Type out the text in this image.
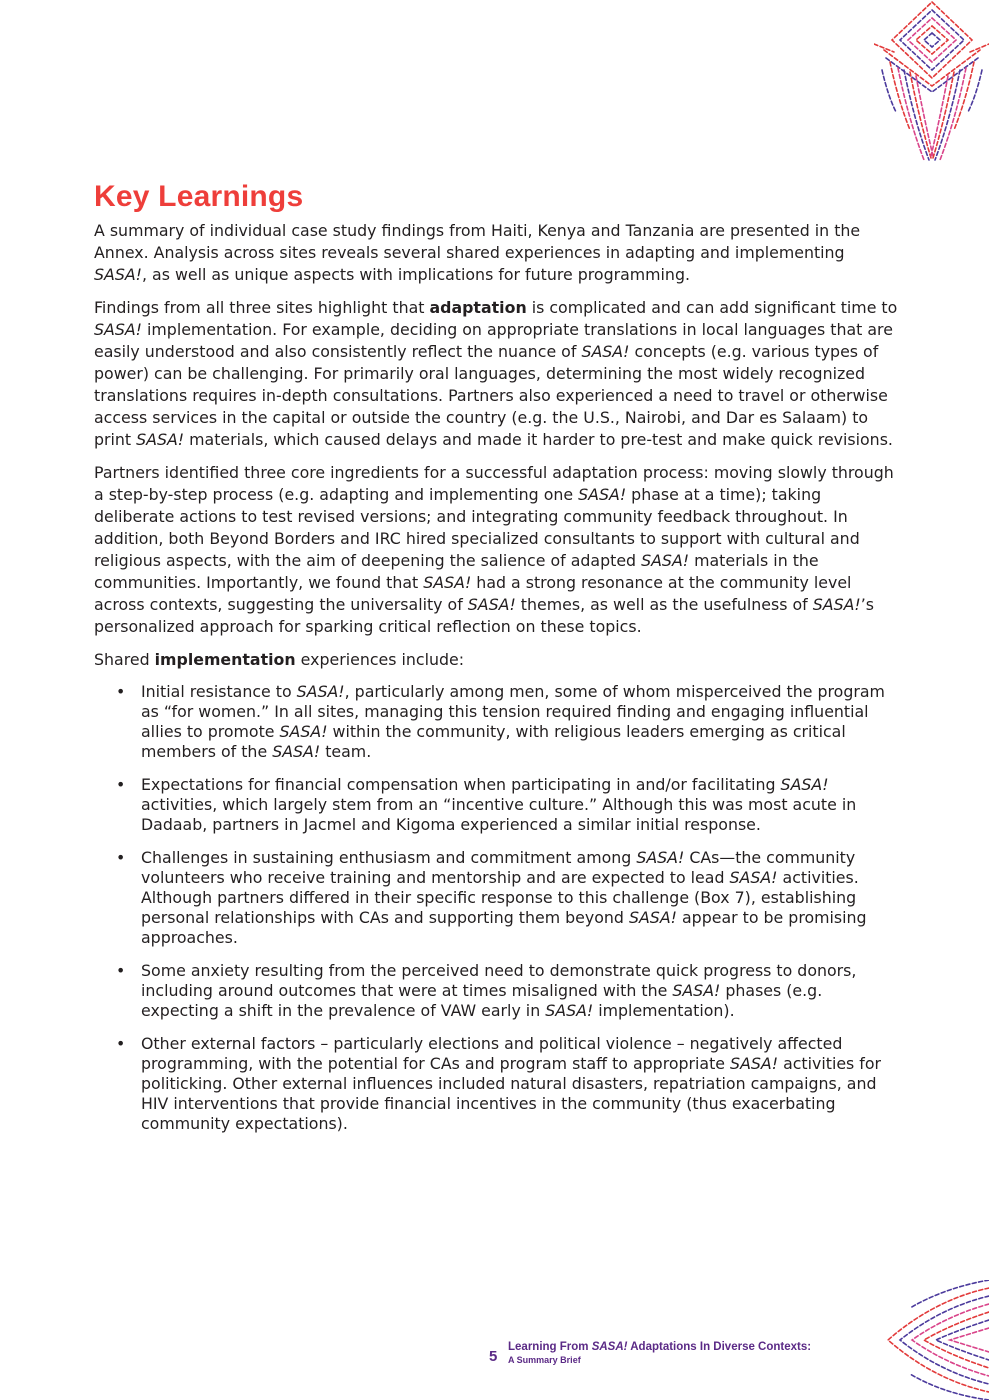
Key Learnings

A summary of individual case study findings from Haiti, Kenya and Tanzania are presented in the Annex. Analysis across sites reveals several shared experiences in adapting and implementing SASA!, as well as unique aspects with implications for future programming.

Findings from all three sites highlight that adaptation is complicated and can add significant time to SASA! implementation. For example, deciding on appropriate translations in local languages that are easily understood and also consistently reflect the nuance of SASA! concepts (e.g. various types of power) can be challenging. For primarily oral languages, determining the most widely recognized translations requires in-depth consultations. Partners also experienced a need to travel or otherwise access services in the capital or outside the country (e.g. the U.S., Nairobi, and Dar es Salaam) to print SASA! materials, which caused delays and made it harder to pre-test and make quick revisions.

Partners identified three core ingredients for a successful adaptation process: moving slowly through a step-by-step process (e.g. adapting and implementing one SASA! phase at a time); taking deliberate actions to test revised versions; and integrating community feedback throughout. In addition, both Beyond Borders and IRC hired specialized consultants to support with cultural and religious aspects, with the aim of deepening the salience of adapted SASA! materials in the communities. Importantly, we found that SASA! had a strong resonance at the community level across contexts, suggesting the universality of SASA! themes, as well as the usefulness of SASA!’s personalized approach for sparking critical reflection on these topics.

Shared implementation experiences include:

• Initial resistance to SASA!, particularly among men, some of whom misperceived the program as “for women.” In all sites, managing this tension required finding and engaging influential allies to promote SASA! within the community, with religious leaders emerging as critical members of the SASA! team.
• Expectations for financial compensation when participating in and/or facilitating SASA! activities, which largely stem from an “incentive culture.” Although this was most acute in Dadaab, partners in Jacmel and Kigoma experienced a similar initial response.
• Challenges in sustaining enthusiasm and commitment among SASA! CAs—the community volunteers who receive training and mentorship and are expected to lead SASA! activities. Although partners differed in their specific response to this challenge (Box 7), establishing personal relationships with CAs and supporting them beyond SASA! appear to be promising approaches.
• Some anxiety resulting from the perceived need to demonstrate quick progress to donors, including around outcomes that were at times misaligned with the SASA! phases (e.g. expecting a shift in the prevalence of VAW early in SASA! implementation).
• Other external factors – particularly elections and political violence – negatively affected programming, with the potential for CAs and program staff to appropriate SASA! activities for politicking. Other external influences included natural disasters, repatriation campaigns, and HIV interventions that provide financial incentives in the community (thus exacerbating community expectations).
5
Learning From SASA! Adaptations In Diverse Contexts:
A Summary Brief
